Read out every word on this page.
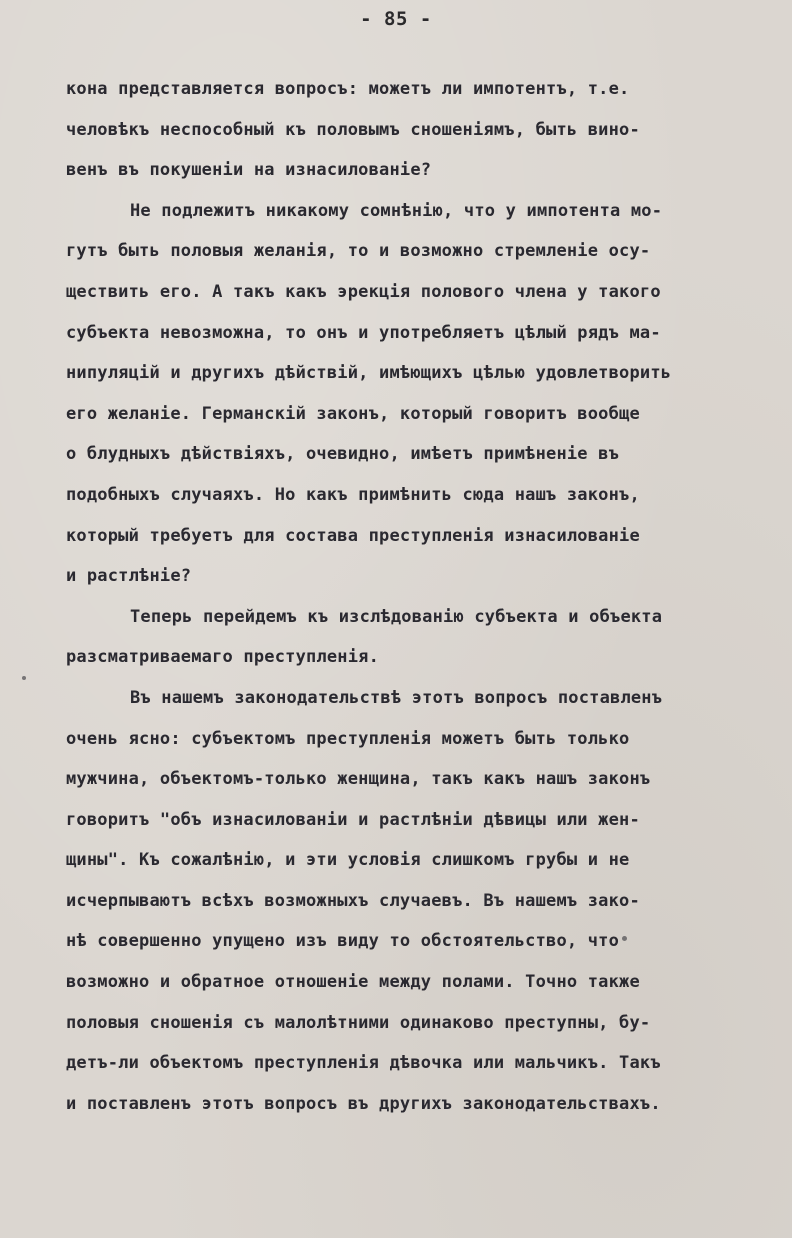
- 85 -
кона представляется вопросъ: можетъ ли импотентъ, т.е.
человѣкъ неспособный къ половымъ сношенiямъ, быть вино-
венъ въ покушенiи на изнасилованiе?
Не подлежитъ никакому сомнѣнiю, что у импотента мо-
гутъ быть половыя желанiя, то и возможно стремленiе осу-
ществить его. А такъ какъ эрекцiя полового члена у такого
субъекта невозможна, то онъ и употребляетъ цѣлый рядъ ма-
нипуляцiй и другихъ дѣйствiй, имѣющихъ цѣлью удовлетворить
его желанiе. Германскiй законъ, который говоритъ вообще
о блудныхъ дѣйствiяхъ, очевидно, имѣетъ примѣненiе въ
подобныхъ случаяхъ. Но какъ примѣнить сюда нашъ законъ,
который требуетъ для состава преступленiя изнасилованiе
и растлѣнiе?
Теперь перейдемъ къ изслѣдованiю субъекта и объекта
разсматриваемаго преступленiя.
Въ нашемъ законодательствѣ этотъ вопросъ поставленъ
очень ясно: субъектомъ преступленiя можетъ быть только
мужчина, объектомъ-только женщина, такъ какъ нашъ законъ
говоритъ "объ изнасилованiи и растлѣнiи дѣвицы или жен-
щины". Къ сожалѣнiю, и эти условiя слишкомъ грубы и не
исчерпываютъ всѣхъ возможныхъ случаевъ. Въ нашемъ зако-
нѣ совершенно упущено изъ виду то обстоятельство, что
возможно и обратное отношенiе между полами. Точно также
половыя сношенiя съ малолѣтними одинаково преступны, бу-
детъ-ли объектомъ преступленiя дѣвочка или мальчикъ. Такъ
и поставленъ этотъ вопросъ въ другихъ законодательствахъ.
